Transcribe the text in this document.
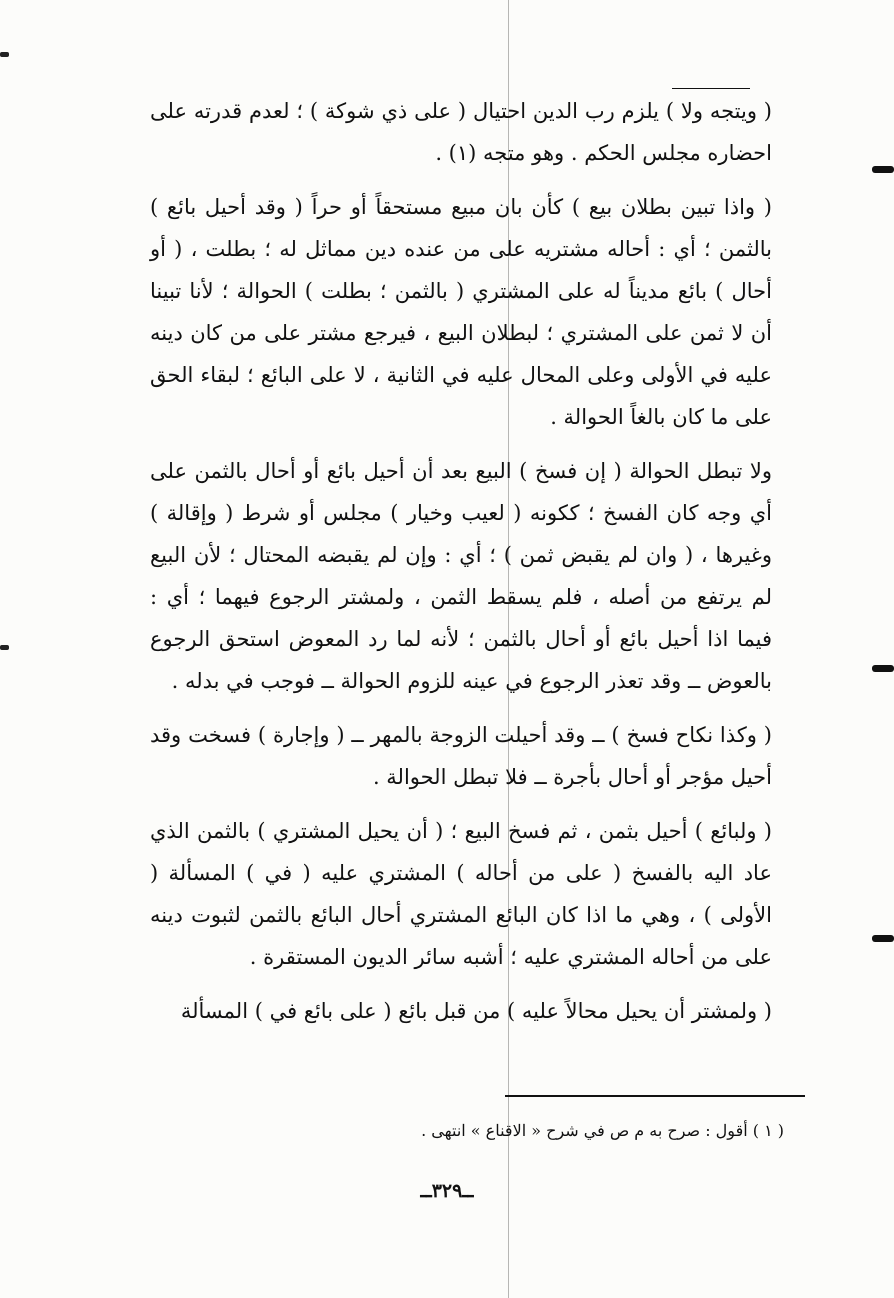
( ويتجه ولا ) يلزم رب الدين احتيال ( على ذي شوكة ) ؛ لعدم قدرته على احضاره مجلس الحكم . وهو متجه (١) .

( واذا تبين بطلان بيع ) كأن بان مبيع مستحقاً أو حراً ( وقد أحيل بائع ) بالثمن ؛ أي : أحاله مشتريه على من عنده دين مماثل له ؛ بطلت ، ( أو أحال ) بائع مديناً له على المشتري ( بالثمن ؛ بطلت ) الحوالة ؛ لأنا تبينا أن لا ثمن على المشتري ؛ لبطلان البيع ، فيرجع مشتر على من كان دينه عليه في الأولى وعلى المحال عليه في الثانية ، لا على البائع ؛ لبقاء الحق على ما كان بالغاً الحوالة .

ولا تبطل الحوالة ( إن فسخ ) البيع بعد أن أحيل بائع أو أحال بالثمن على أي وجه كان الفسخ ؛ ككونه ( لعيب وخيار ) مجلس أو شرط ( وإقالة ) وغيرها ، ( وان لم يقبض ثمن ) ؛ أي : وإن لم يقبضه المحتال ؛ لأن البيع لم يرتفع من أصله ، فلم يسقط الثمن ، ولمشتر الرجوع فيهما ؛ أي : فيما اذا أحيل بائع أو أحال بالثمن ؛ لأنه لما رد المعوض استحق الرجوع بالعوض ــ وقد تعذر الرجوع في عينه للزوم الحوالة ــ فوجب في بدله .

( وكذا نكاح فسخ ) ــ وقد أحيلت الزوجة بالمهر ــ ( وإجارة ) فسخت وقد أحيل مؤجر أو أحال بأجرة ــ فلا تبطل الحوالة .

( ولبائع ) أحيل بثمن ، ثم فسخ البيع ؛ ( أن يحيل المشتري ) بالثمن الذي عاد اليه بالفسخ ( على من أحاله ) المشتري عليه ( في ) المسألة ( الأولى ) ، وهي ما اذا كان البائع المشتري أحال البائع بالثمن لثبوت دينه على من أحاله المشتري عليه ؛ أشبه سائر الديون المستقرة .

( ولمشتر أن يحيل محالاً عليه ) من قبل بائع ( على بائع في ) المسألة

( ١ ) أقول : صرح به م ص في شرح « الاقناع » انتهى .
ــ٣٢٩ــ
